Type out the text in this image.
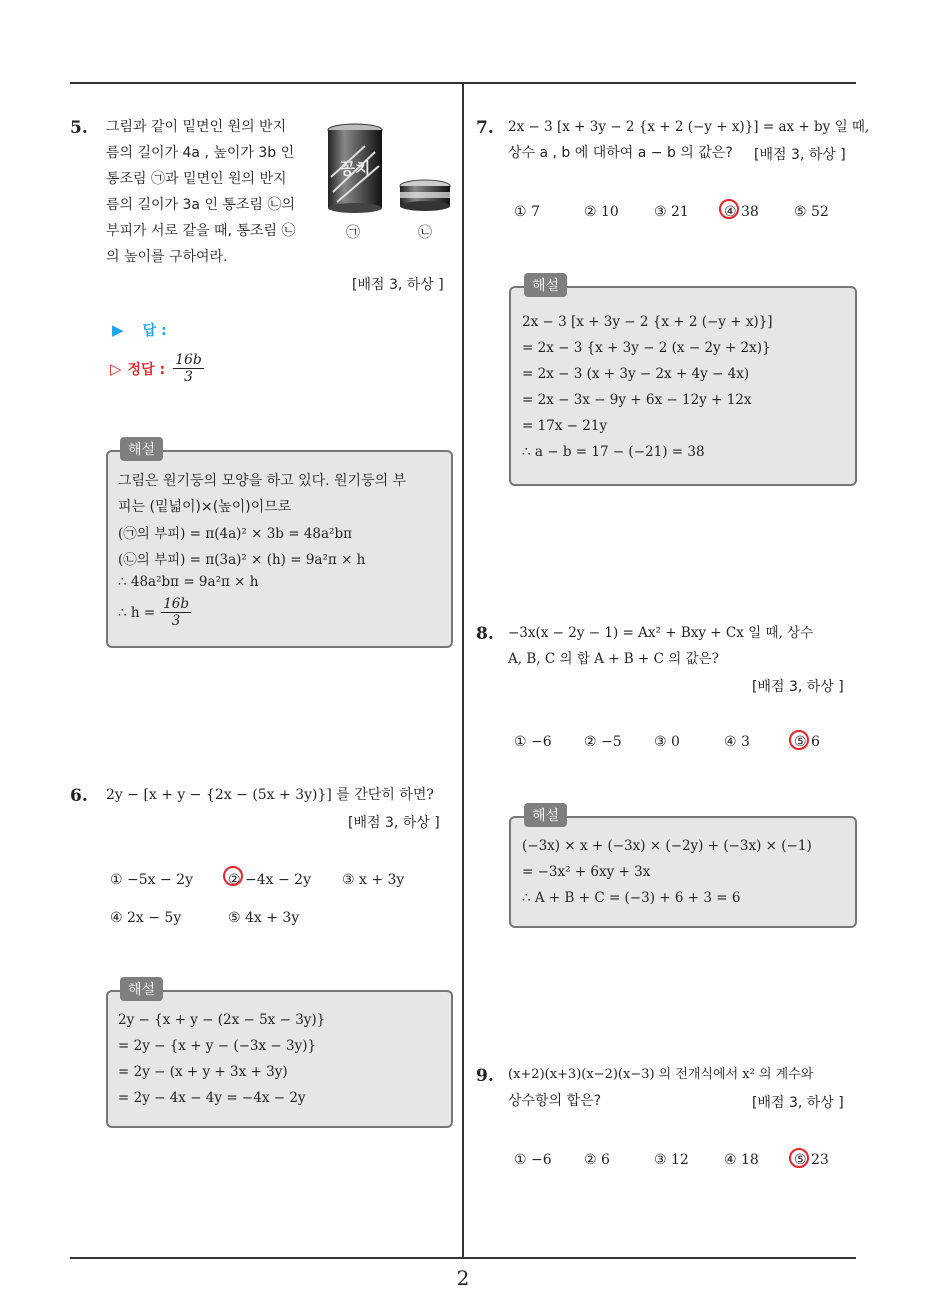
2
5. 그림과 같이 밑면인 원의 반지
름의 길이가 4a , 높이가 3b 인
통조림 ㉠과 밑면인 원의 반지
름의 길이가 3a 인 통조림 ㉡의
부피가 서로 같을 때, 통조림 ㉡
의 높이를 구하여라.
꽁치
㉠	㉡
[배점 3, 하상 ]
▶ 답 :
▷ 정답 : $\frac{16b}{3}$
해설
그림은 원기둥의 모양을 하고 있다. 원기둥의 부
피는 (밑넓이)×(높이)이므로
(㉠의 부피) = π(4a)² × 3b = 48a²bπ
(㉡의 부피) = π(3a)² × (h) = 9a²π × h
∴ 48a²bπ = 9a²π × h
∴ $h = \frac{16b}{3}$
6. 2y − [x + y − {2x − (5x + 3y)}] 를 간단히 하면?
[배점 3, 하상 ]
① −5x − 2y	② −4x − 2y ③ x + 3y
④ 2x − 5y	⑤ 4x + 3y
해설
2y − {x + y − (2x − 5x − 3y)}
= 2y − {x + y − (−3x − 3y)}
= 2y − (x + y + 3x + 3y)
= 2y − 4x − 4y = −4x − 2y
7. 2x − 3 [x + 3y − 2 {x + 2 (−y + x)}] = ax + by 일 때,
상수 a , b 에 대하여 a − b 의 값은? [배점 3, 하상 ]
① 7	② 10	③ 21	④ 38	⑤ 52
해설
2x − 3 [x + 3y − 2 {x + 2 (−y + x)}]
= 2x − 3 {x + 3y − 2 (x − 2y + 2x)}
= 2x − 3 (x + 3y − 2x + 4y − 4x)
= 2x − 3x − 9y + 6x − 12y + 12x
= 17x − 21y
∴ a − b = 17 − (−21) = 38
8. −3x(x − 2y − 1) = Ax² + Bxy + Cx 일 때, 상수
A, B, C 의 합 A + B + C 의 값은?
[배점 3, 하상 ]
① −6 ② −5 ③ 0	④ 3	⑤ 6
해설
(−3x) × x + (−3x) × (−2y) + (−3x) × (−1)
= −3x² + 6xy + 3x
∴ A + B + C = (−3) + 6 + 3 = 6
9. (x+2)(x+3)(x−2)(x−3) 의 전개식에서 x² 의 계수와
상수항의 합은?	[배점 3, 하상 ]
① −6 ② 6	③ 12	④ 18	⑤ 23
